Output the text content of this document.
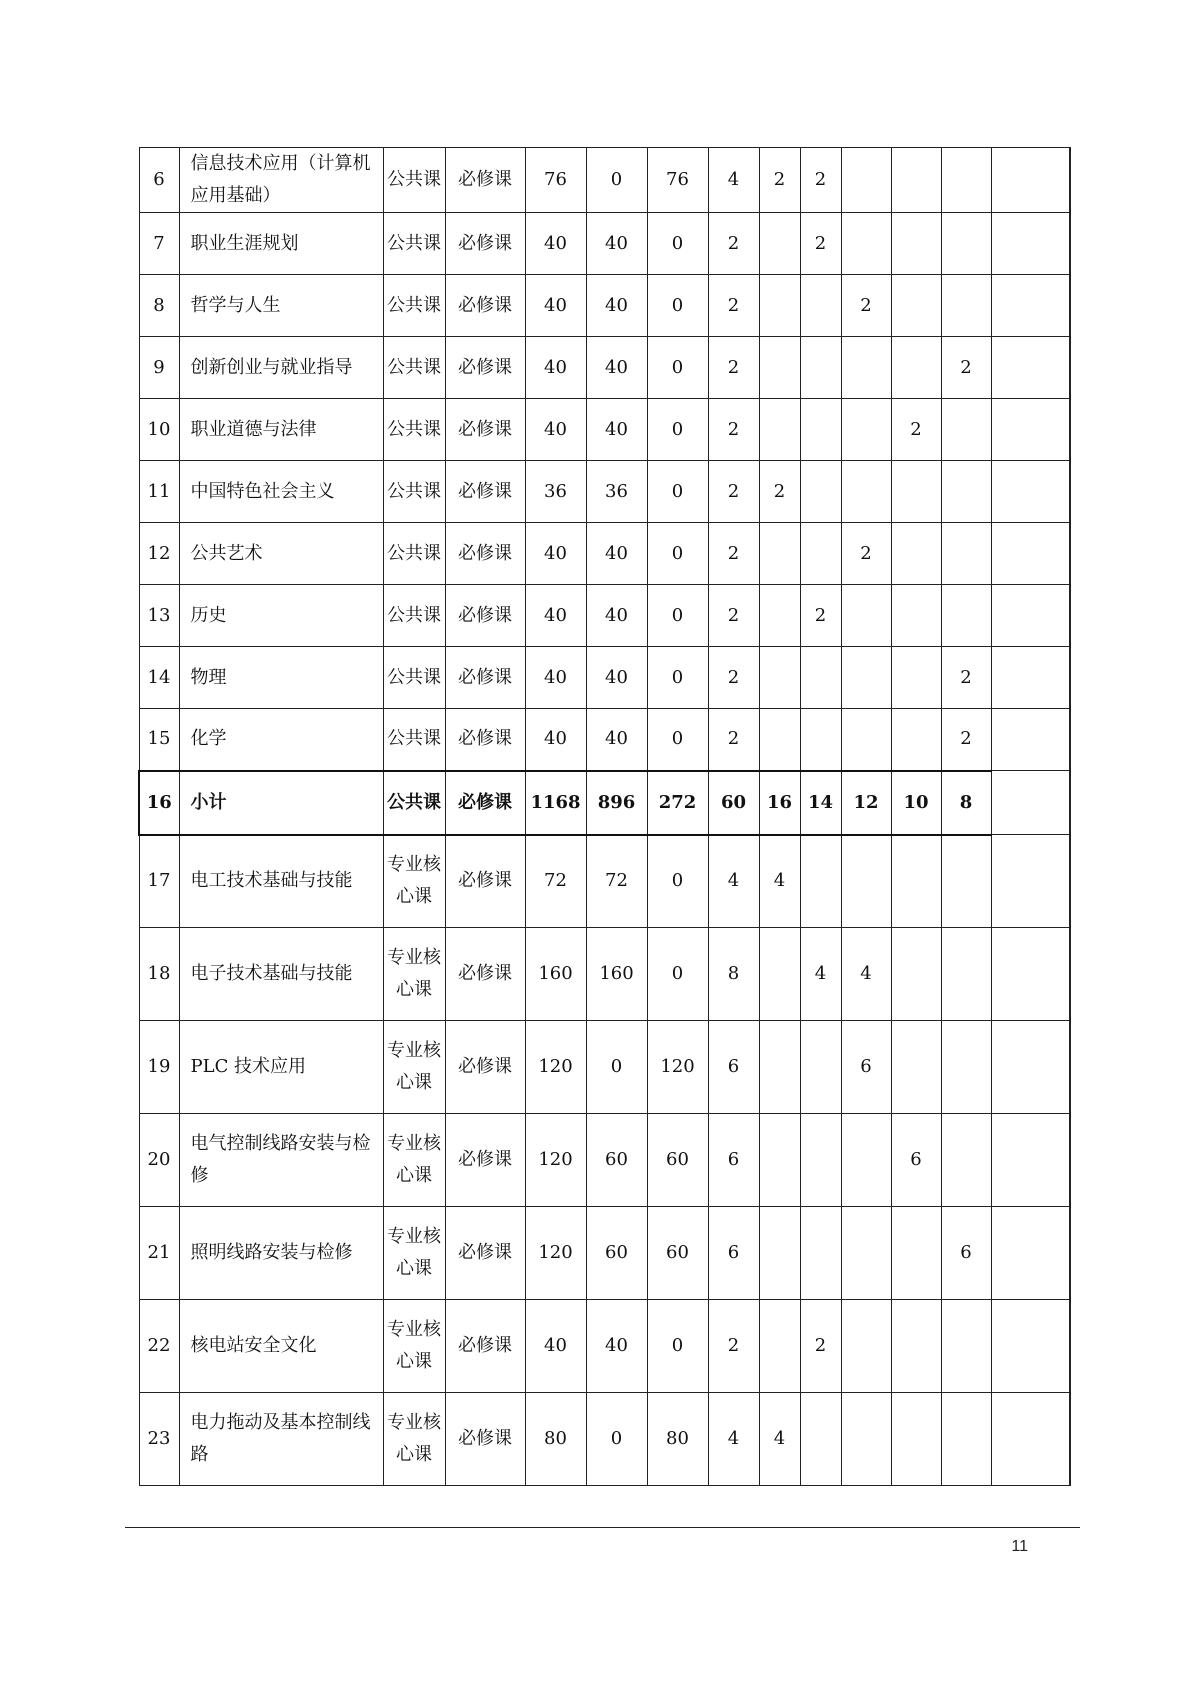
6	信息技术应用（计算机应用基础）	公共课	必修课	76	0	76	4	2	2				
7	职业生涯规划	公共课	必修课	40	40	0	2		2				
8	哲学与人生	公共课	必修课	40	40	0	2			2			
9	创新创业与就业指导	公共课	必修课	40	40	0	2					2	
10	职业道德与法律	公共课	必修课	40	40	0	2				2		
11	中国特色社会主义	公共课	必修课	36	36	0	2	2					
12	公共艺术	公共课	必修课	40	40	0	2			2			
13	历史	公共课	必修课	40	40	0	2		2				
14	物理	公共课	必修课	40	40	0	2					2	
15	化学	公共课	必修课	40	40	0	2					2	
16	小计	公共课	必修课	1168	896	272	60	16	14	12	10	8	
17	电工技术基础与技能	专业核心课	必修课	72	72	0	4	4					
18	电子技术基础与技能	专业核心课	必修课	160	160	0	8		4	4			
19	PLC 技术应用	专业核心课	必修课	120	0	120	6			6			
20	电气控制线路安装与检修	专业核心课	必修课	120	60	60	6				6		
21	照明线路安装与检修	专业核心课	必修课	120	60	60	6					6	
22	核电站安全文化	专业核心课	必修课	40	40	0	2		2				
23	电力拖动及基本控制线路	专业核心课	必修课	80	0	80	4	4					
11
